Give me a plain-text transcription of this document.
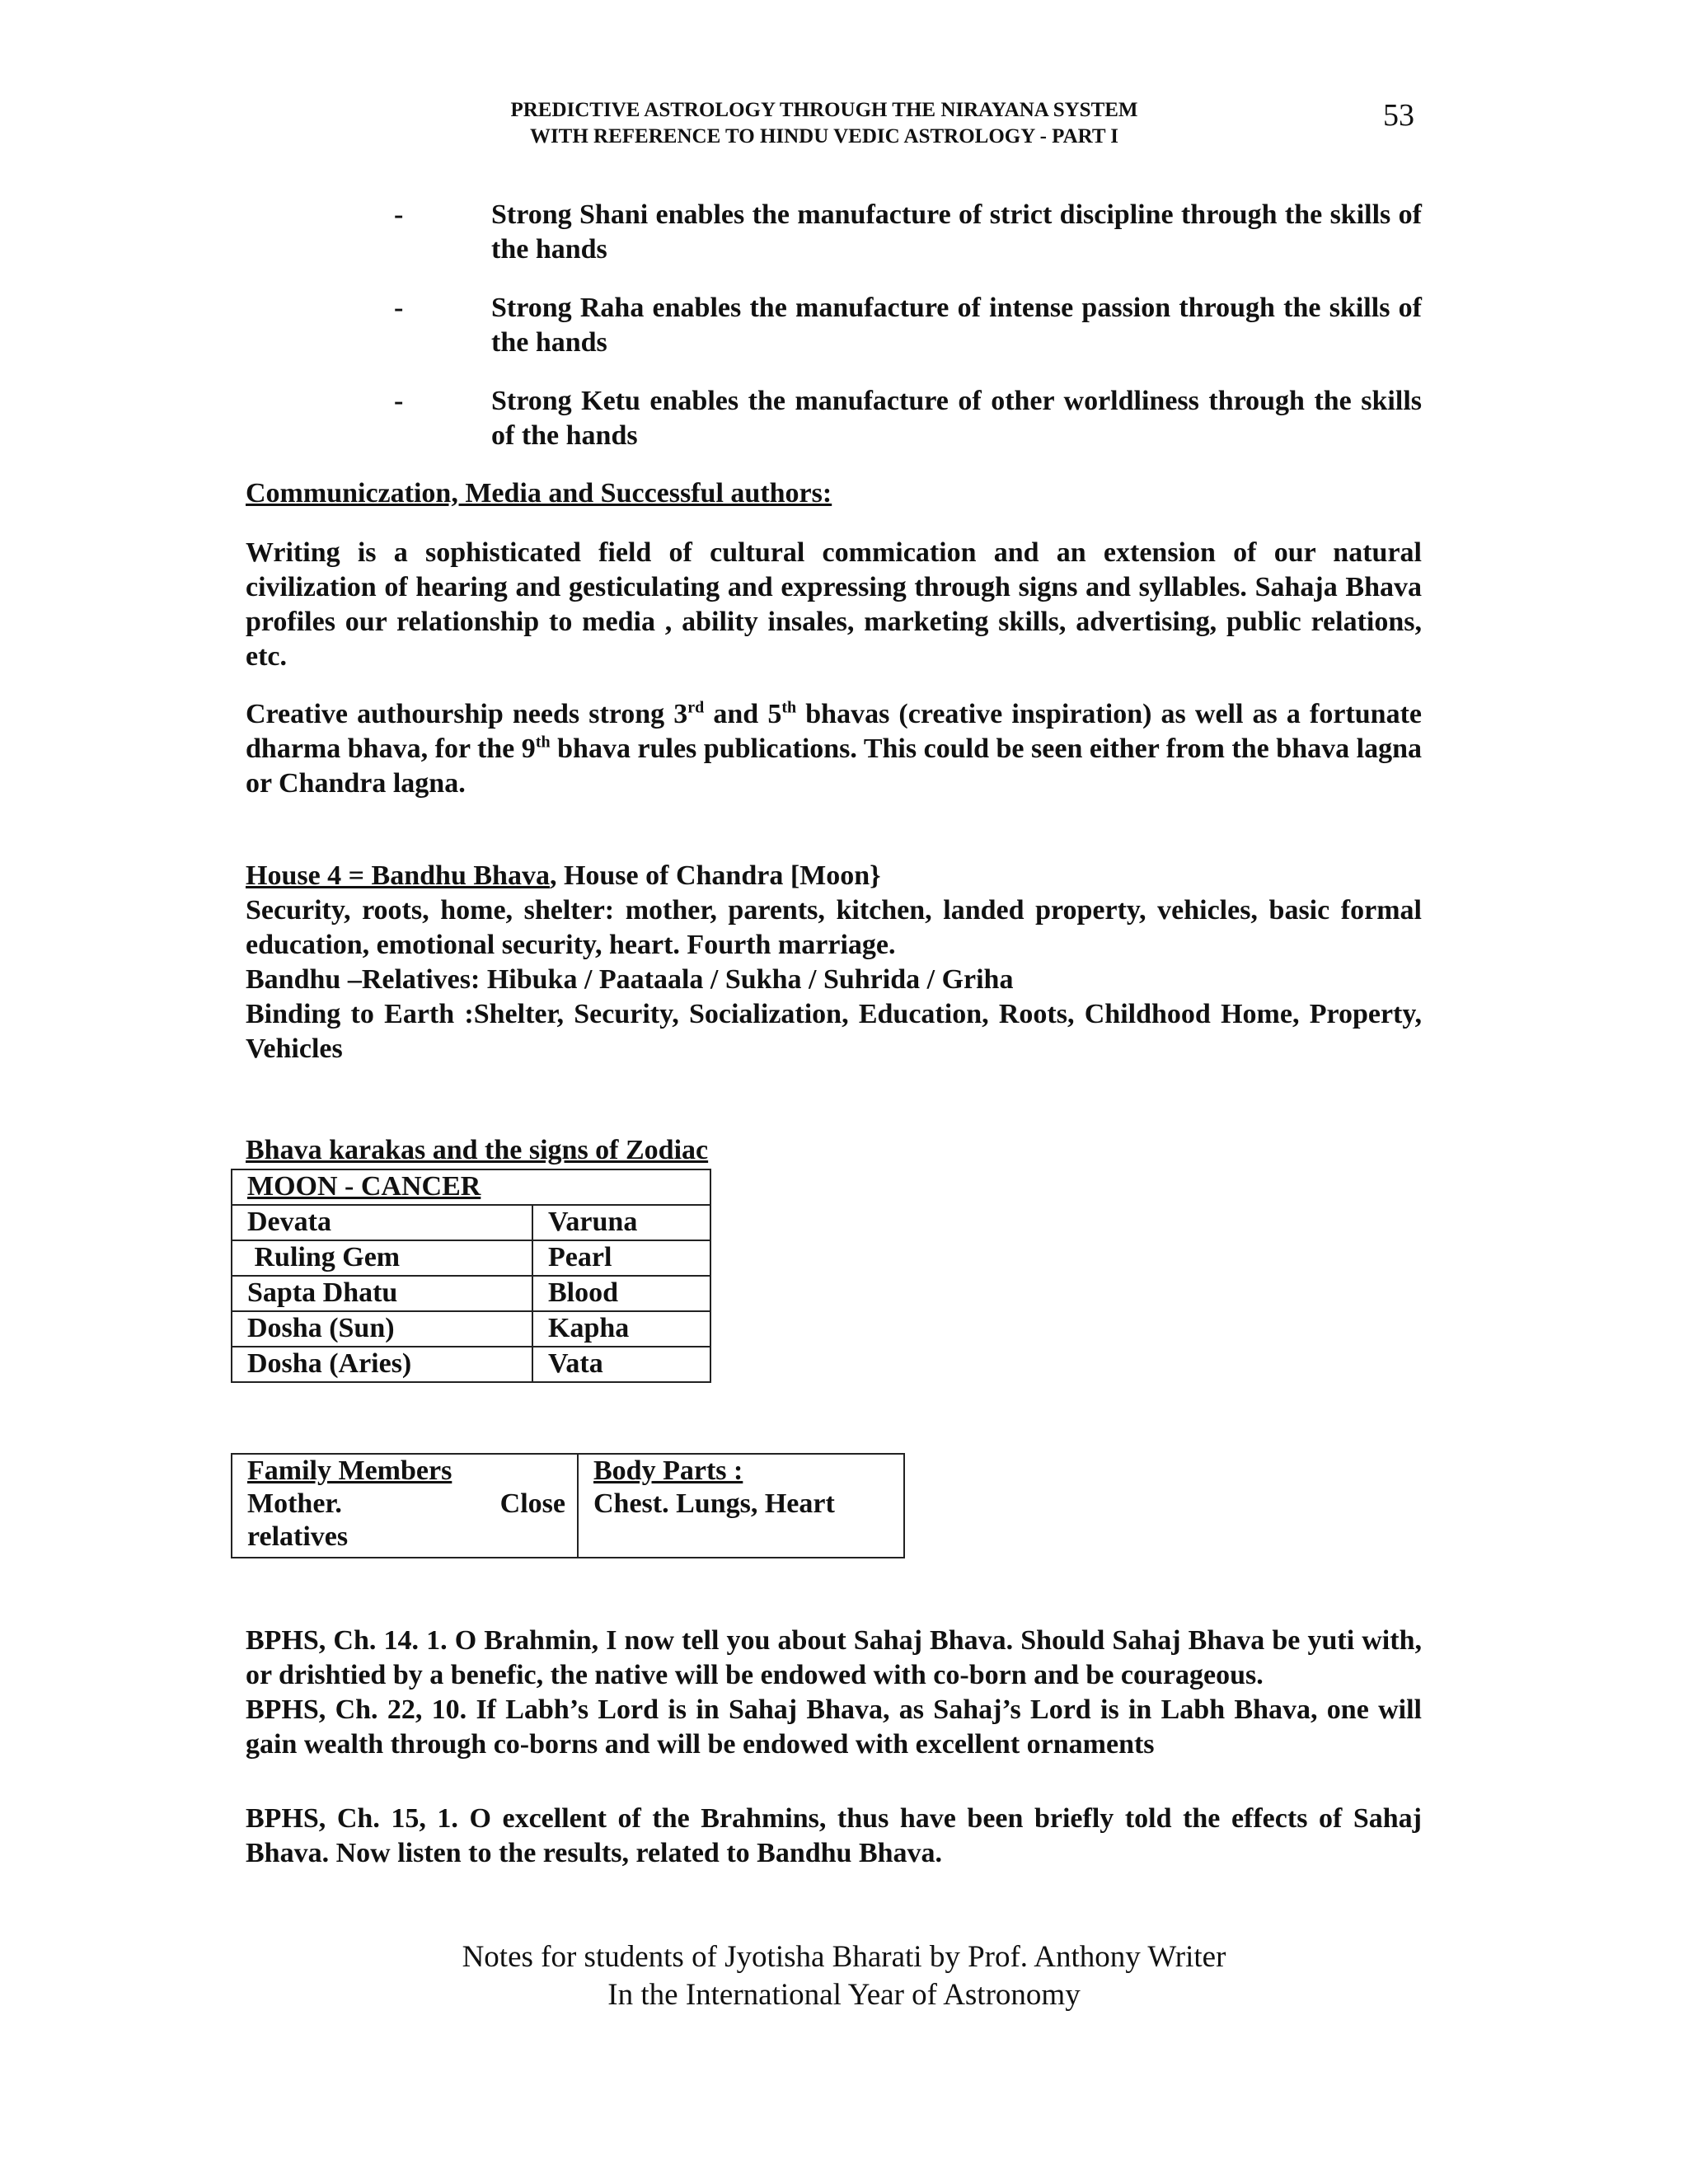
PREDICTIVE ASTROLOGY THROUGH THE NIRAYANA SYSTEM
WITH REFERENCE TO HINDU VEDIC ASTROLOGY - PART I
53
-	Strong Shani enables the manufacture of strict discipline through the skills of the hands
-	Strong Raha enables the manufacture of intense passion through the skills of the hands
-	Strong Ketu enables the manufacture of other worldliness through the skills of the hands
Communiczation, Media and Successful authors:
Writing is a sophisticated field of cultural commication and an extension of our natural civilization of hearing and gesticulating and expressing through signs and syllables. Sahaja Bhava profiles our relationship to media , ability insales, marketing skills, advertising, public relations, etc.
Creative authourship needs strong 3rd and 5th bhavas (creative inspiration) as well as a fortunate dharma bhava, for the 9th bhava rules publications. This could be seen either from the bhava lagna or Chandra lagna.

House 4 = Bandhu Bhava, House of Chandra [Moon}

Security, roots, home, shelter: mother, parents, kitchen, landed property, vehicles, basic formal education, emotional security, heart. Fourth marriage.

Bandhu –Relatives: Hibuka / Paataala / Sukha / Suhrida / Griha

Binding to Earth :Shelter, Security, Socialization, Education, Roots, Childhood Home, Property, Vehicles

Bhava karakas and the signs of Zodiac
MOON - CANCER	
Devata	Varuna
Ruling Gem	Pearl
Sapta Dhatu	Blood
Dosha (Sun)	Kapha
Dosha (Aries)	Vata
Family Members
Mother.	Close
relatives

Body Parts :
Chest. Lungs, Heart

BPHS, Ch. 14. 1. O Brahmin, I now tell you about Sahaj Bhava. Should Sahaj Bhava be yuti with, or drishtied by a benefic, the native will be endowed with co-born and be courageous.

BPHS, Ch. 22, 10. If Labh’s Lord is in Sahaj Bhava, as Sahaj’s Lord is in Labh Bhava, one will gain wealth through co-borns and will be endowed with excellent ornaments

BPHS, Ch. 15, 1. O excellent of the Brahmins, thus have been briefly told the effects of Sahaj Bhava. Now listen to the results, related to Bandhu Bhava.
Notes for students of Jyotisha Bharati by Prof. Anthony Writer
In the International Year of Astronomy
